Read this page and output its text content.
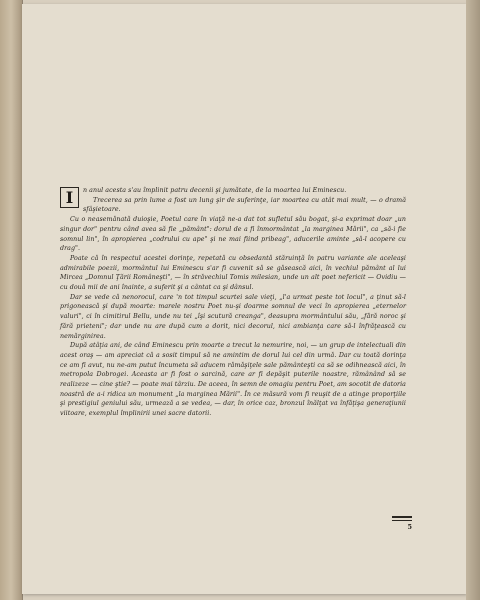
I	n anul acesta s'au împlinit patru decenii şi jumătate, de la moartea lui Eminescu.

Trecerea sa prin lume a fost un lung şir de suferinţe, iar moartea cu atât mai mult, — o dramă sfâşietoare.

Cu o neasemănată duioşie, Poetul care în viaţă ne-a dat tot sufletul său bogat, şi-a exprimat doar „un singur dor" pentru când avea să fie „pământ": dorul de a fi înmormântat „la marginea Mării", ca „să-i fie somnul lin", în apropierea „codrului cu ape" şi ne mai fiind pribeag", aducerile aminte „să-l acopere cu drag".

Poate că în respectul acestei dorinţe, repetată cu obsedantă stăruinţă în patru variante ale aceleaşi admirabile poezii, mormântul lui Eminescu s'ar fi cuvenit să se găsească aici, în vechiul pământ al lui Mircea „Domnul Ţării Româneşti", — în străvechiul Tomis milesian, unde un alt poet nefericit — Ovidiu — cu două mii de ani înainte, a suferit şi a cântat ca şi dânsul.

Dar se vede că nenorocul, care 'n tot timpul scurtei sale vieţi, „l'a urmat peste tot locul", a ţinut să-l prigonească şi după moarte: marele nostru Poet nu-şi doarme somnul de veci în apropierea „eternelor valuri", ci în cimitirul Bellu, unde nu tei „îşi scutură creanga", deasupra mormântului său, „fără noroc şi fără prieteni"; dar unde nu are după cum a dorit, nici decorul, nici ambianţa care să-l înfrăţească cu nemărginirea.

După atâţia ani, de când Eminescu prin moarte a trecut la nemurire, noi, — un grup de intelectuali din acest oraş — am apreciat că a sosit timpul să ne amintim de dorul lui cel din urmă. Dar cu toată dorinţa ce am fi avut, nu ne-am putut încumeta să aducem rămăşiţele sale pământeşti ca să se odihnească aici, în metropola Dobrogei. Aceasta ar fi fost o sarcină, care ar fi depăşit puterile noastre, rămânând să se realizeze — cine ştie? — poate mai târziu. De aceea, în semn de omagiu pentru Poet, am socotit de datoria noastră de a-i ridica un monument „la marginea Mării". În ce măsură vom fi reuşit de a atinge proporţiile şi prestigiul geniului său, urmează a se vedea, — dar, în orice caz, bronzul înălţat va înfăţişa generaţiunii viitoare, exemplul împlinirii unei sacre datorii.

5
